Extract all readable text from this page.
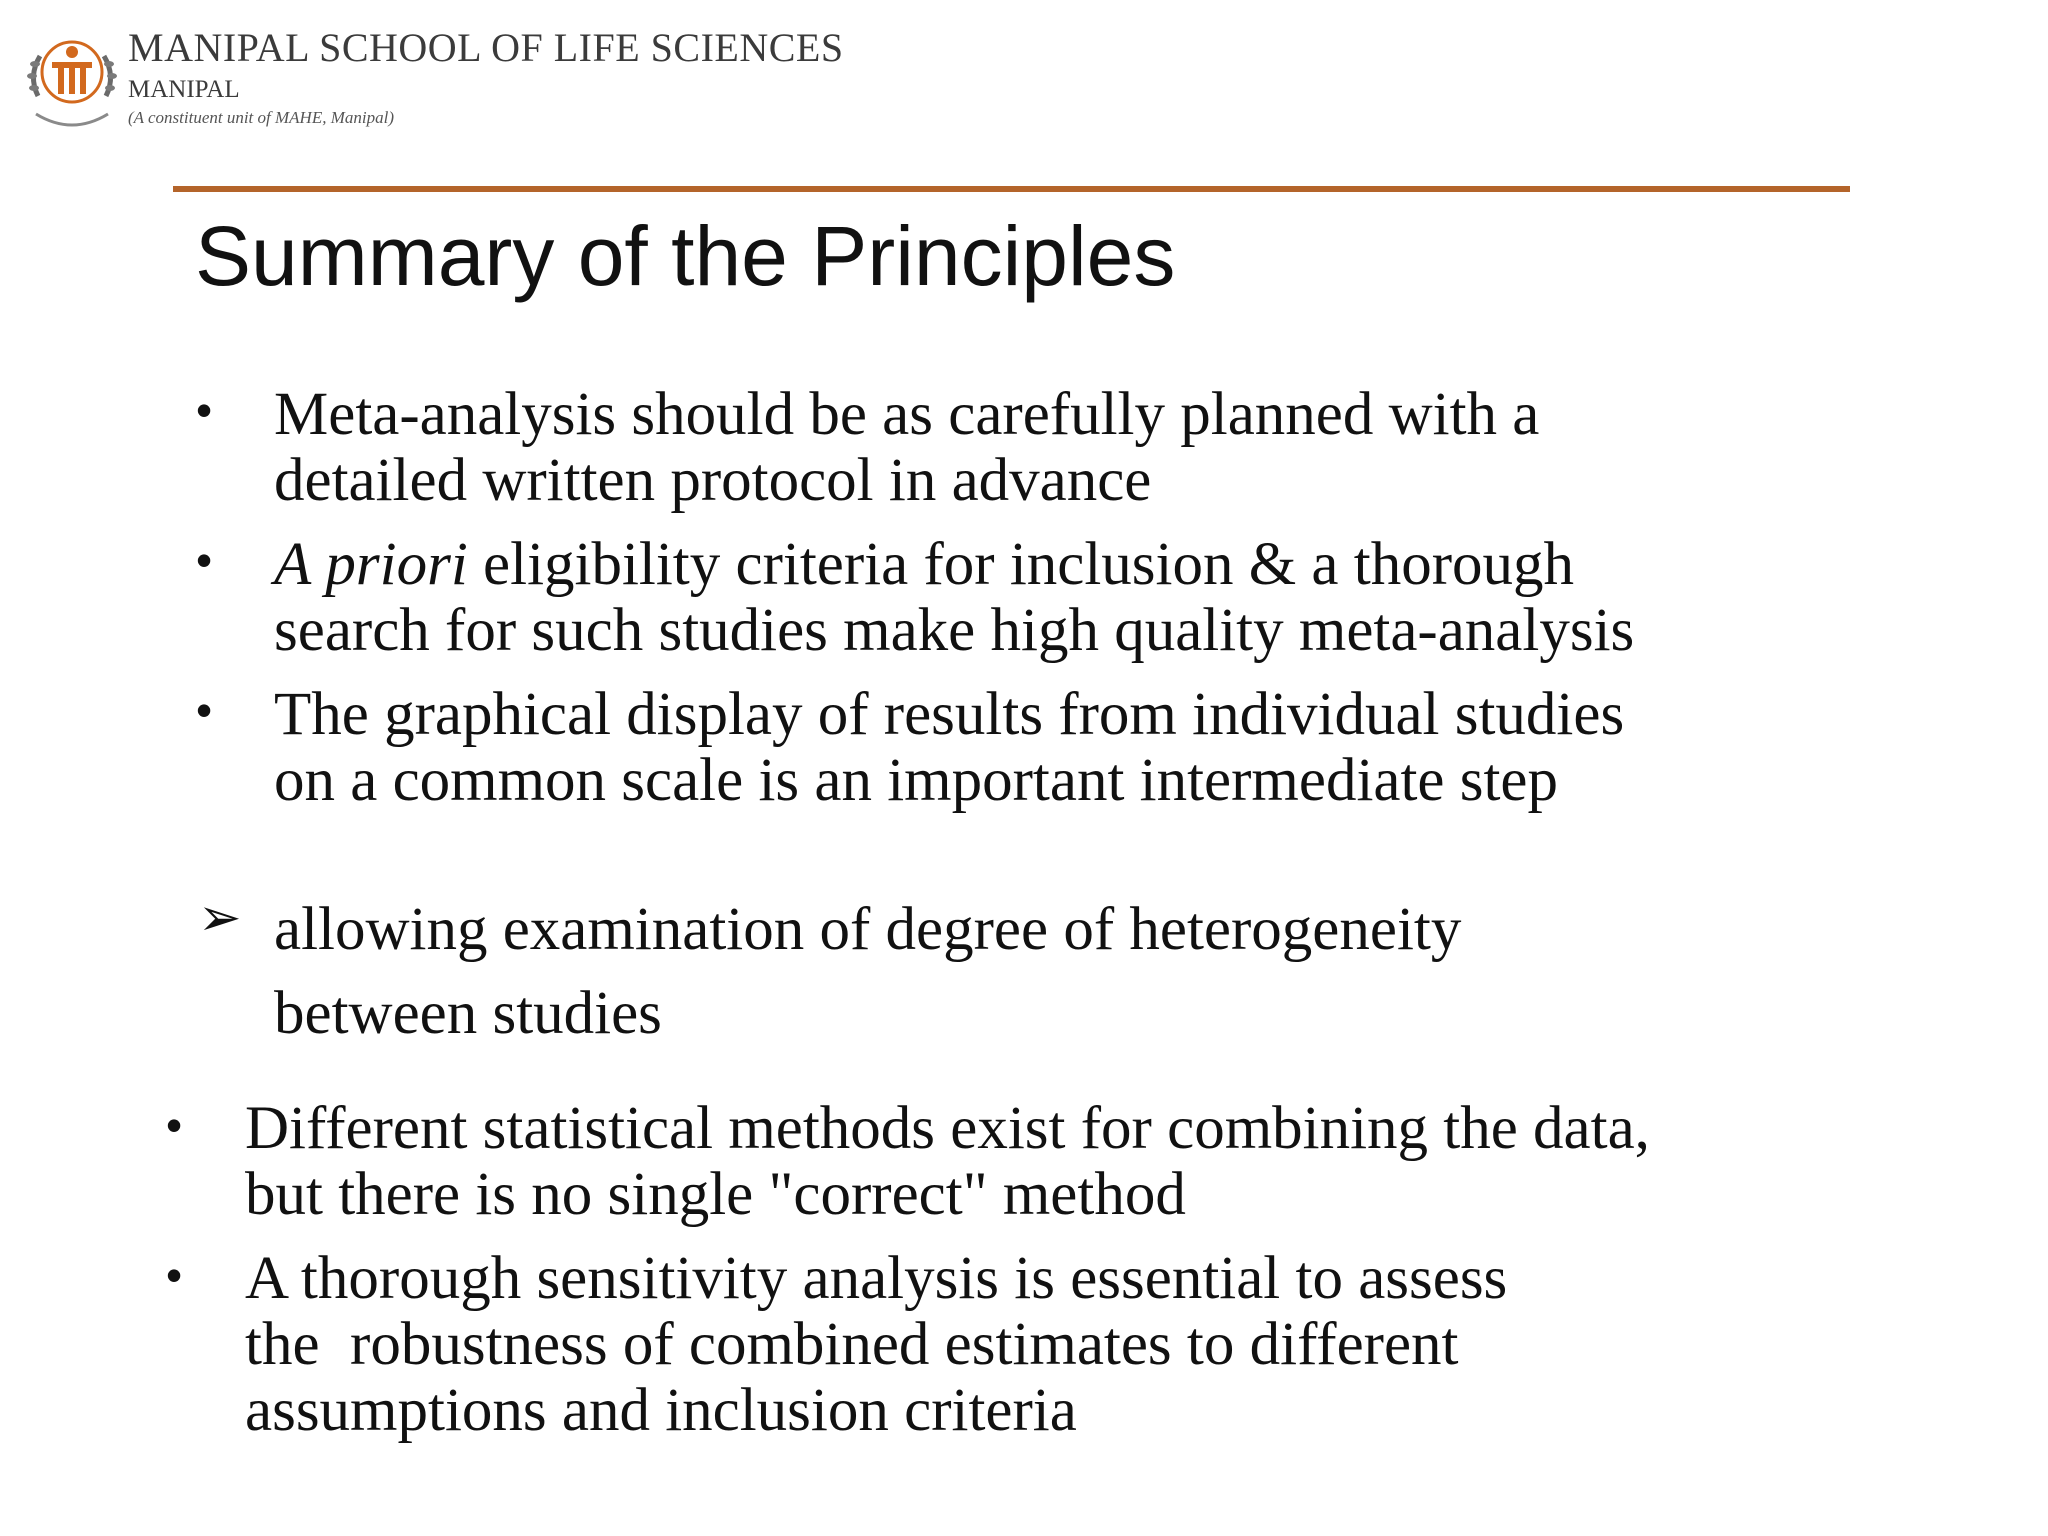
MANIPAL SCHOOL OF LIFE SCIENCES
MANIPAL
(A constituent unit of MAHE, Manipal)
Summary of the Principles
• Meta-analysis should be as carefully planned with a
detailed written protocol in advance
• A priori eligibility criteria for inclusion & a thorough
search for such studies make high quality meta-analysis
• The graphical display of results from individual studies
on a common scale is an important intermediate step
➢ allowing examination of degree of heterogeneity
between studies
• Different statistical methods exist for combining the data,
but there is no single "correct" method
• A thorough sensitivity analysis is essential to assess
the  robustness of combined estimates to different
assumptions and inclusion criteria
